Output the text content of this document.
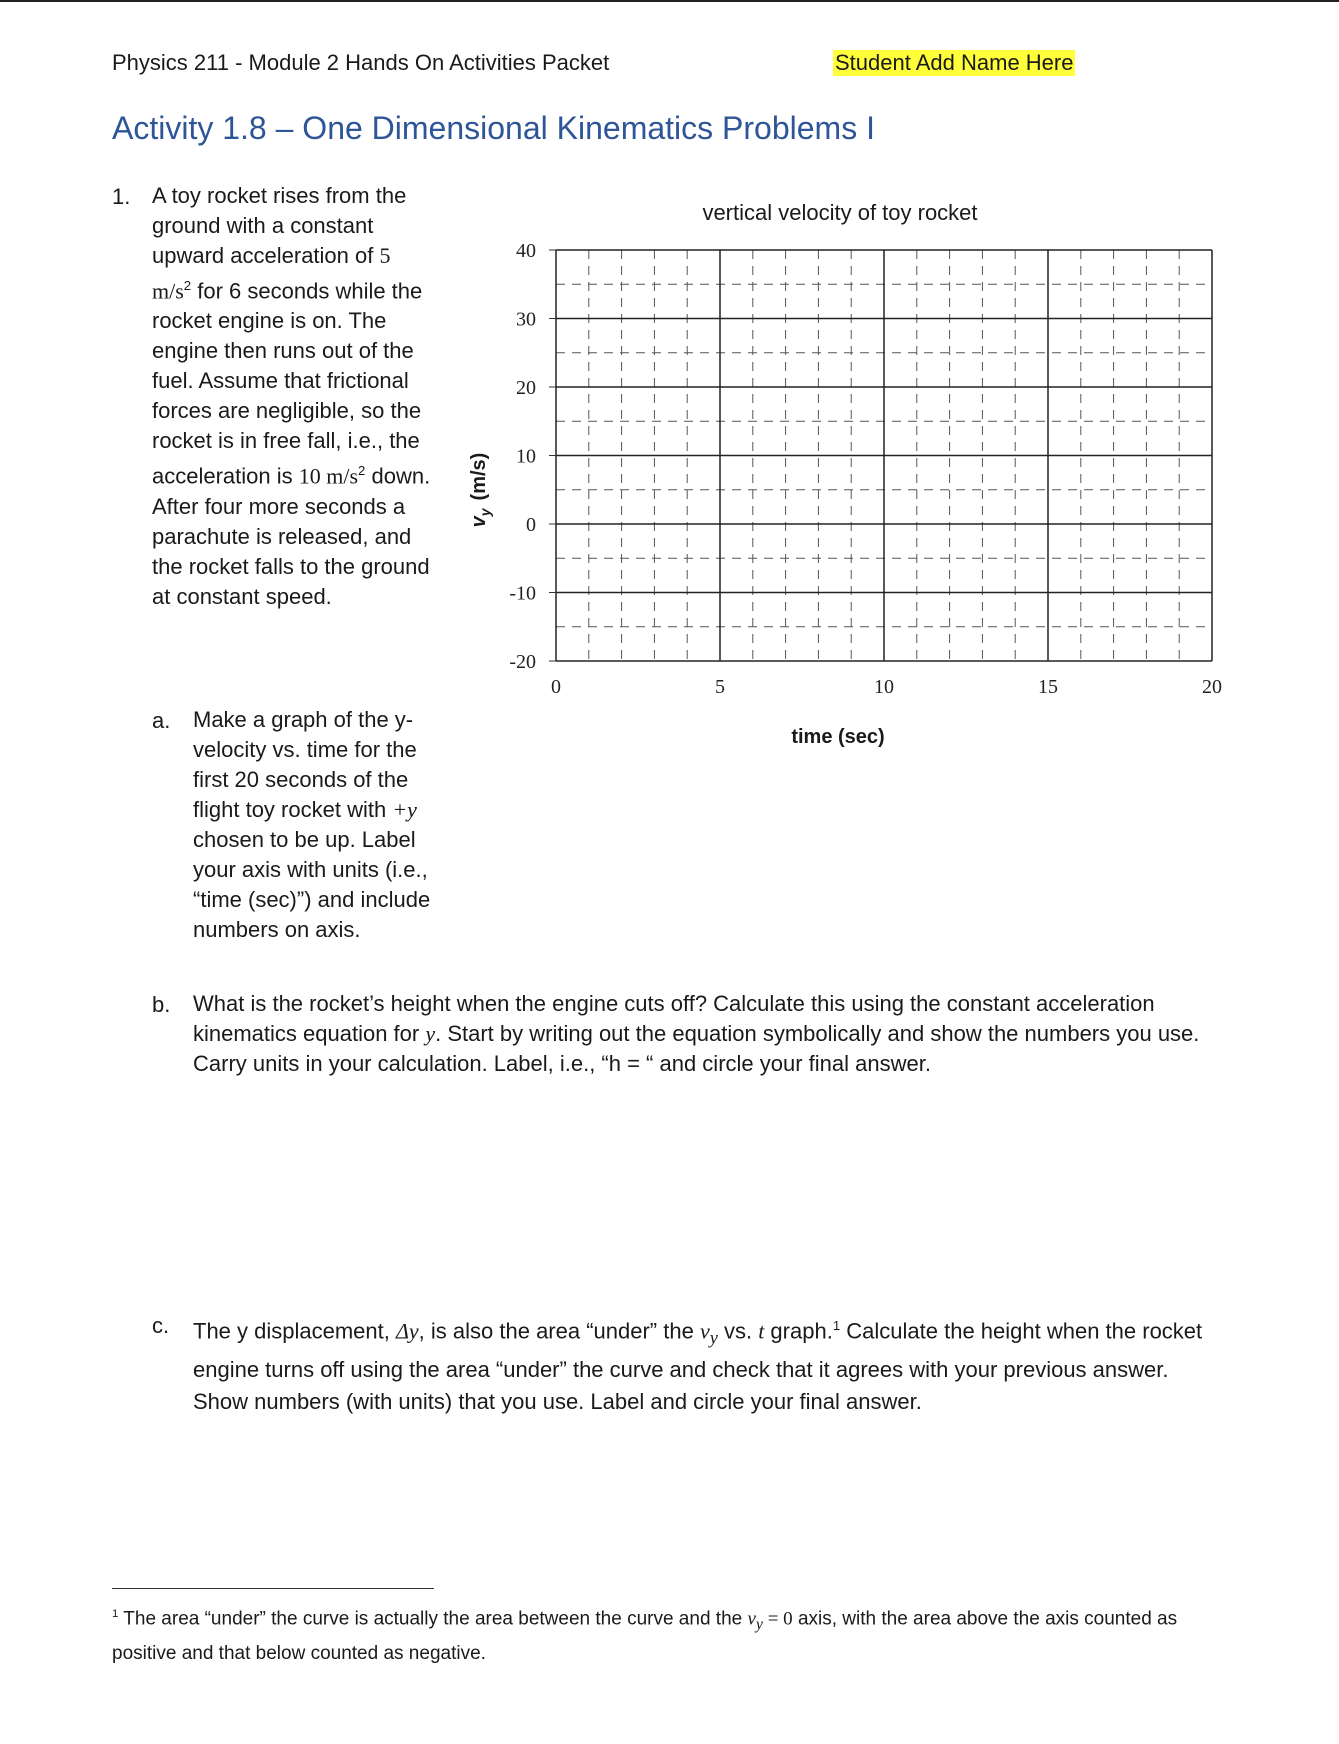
Physics 211 - Module 2 Hands On Activities Packet	Student Add Name Here
Activity 1.8 – One Dimensional Kinematics Problems I
1. A toy rocket rises from the ground with a constant upward acceleration of 5 $m/s^2$ for 6 seconds while the rocket engine is on. The engine then runs out of the fuel. Assume that frictional forces are negligible, so the rocket is in free fall, i.e., the acceleration is 10 $m/s^2$ down. After four more seconds a parachute is released, and the rocket falls to the ground at constant speed.
a. Make a graph of the y-velocity vs. time for the first 20 seconds of the flight toy rocket with +y chosen to be up. Label your axis with units (i.e., “time (sec)”) and include numbers on axis.
b. What is the rocket’s height when the engine cuts off? Calculate this using the constant acceleration kinematics equation for y. Start by writing out the equation symbolically and show the numbers you use. Carry units in your calculation. Label, i.e., “h = “ and circle your final answer.
c. The y displacement, Δy, is also the area “under” the $v_y$ vs. t graph.$^1$ Calculate the height when the rocket engine turns off using the area “under” the curve and check that it agrees with your previous answer. Show numbers (with units) that you use. Label and circle your final answer.
$^1$ The area “under” the curve is actually the area between the curve and the $v_y = 0$ axis, with the area above the axis counted as positive and that below counted as negative.
vertical velocity of toy rocket
0	5	10	15	20
40
30
20
10
0
-10
-20
time (sec)
$v_y(m/s)$
